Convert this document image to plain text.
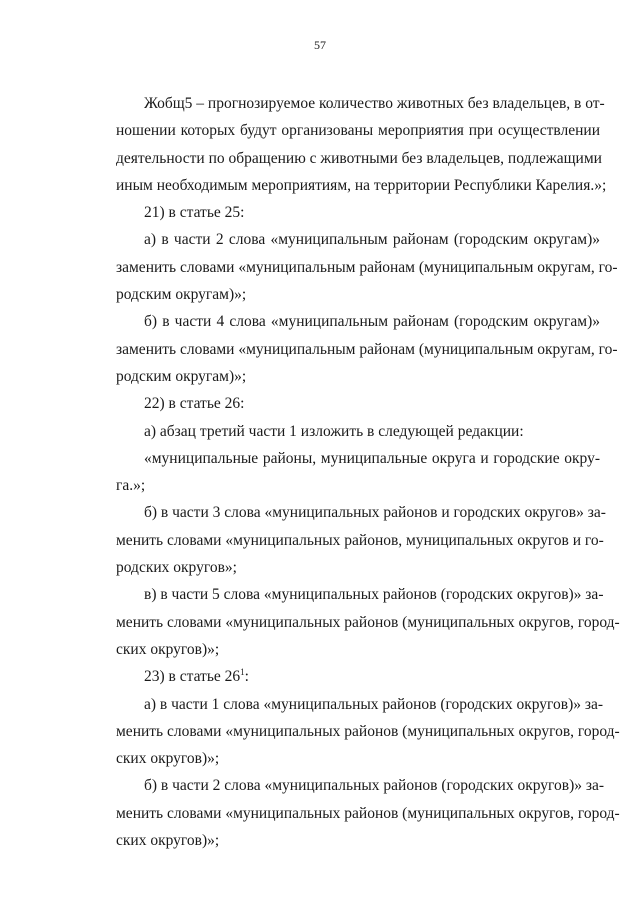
57

Жобщ5 – прогнозируемое количество животных без владельцев, в от-
ношении которых будут организованы мероприятия при осуществлении
деятельности по обращению с животными без владельцев, подлежащими
иным необходимым мероприятиям, на территории Республики Карелия.»;

21) в статье 25:

а) в части 2 слова «муниципальным районам (городским округам)»
заменить словами «муниципальным районам (муниципальным округам, го-
родским округам)»;

б) в части 4 слова «муниципальным районам (городским округам)»
заменить словами «муниципальным районам (муниципальным округам, го-
родским округам)»;

22) в статье 26:

а) абзац третий части 1 изложить в следующей редакции:

«муниципальные районы, муниципальные округа и городские окру-
га.»;

б) в части 3 слова «муниципальных районов и городских округов» за-
менить словами «муниципальных районов, муниципальных округов и го-
родских округов»;

в) в части 5 слова «муниципальных районов (городских округов)» за-
менить словами «муниципальных районов (муниципальных округов, город-
ских округов)»;

23) в статье $26^1$:

а) в части 1 слова «муниципальных районов (городских округов)» за-
менить словами «муниципальных районов (муниципальных округов, город-
ских округов)»;

б) в части 2 слова «муниципальных районов (городских округов)» за-
менить словами «муниципальных районов (муниципальных округов, город-
ских округов)»;
